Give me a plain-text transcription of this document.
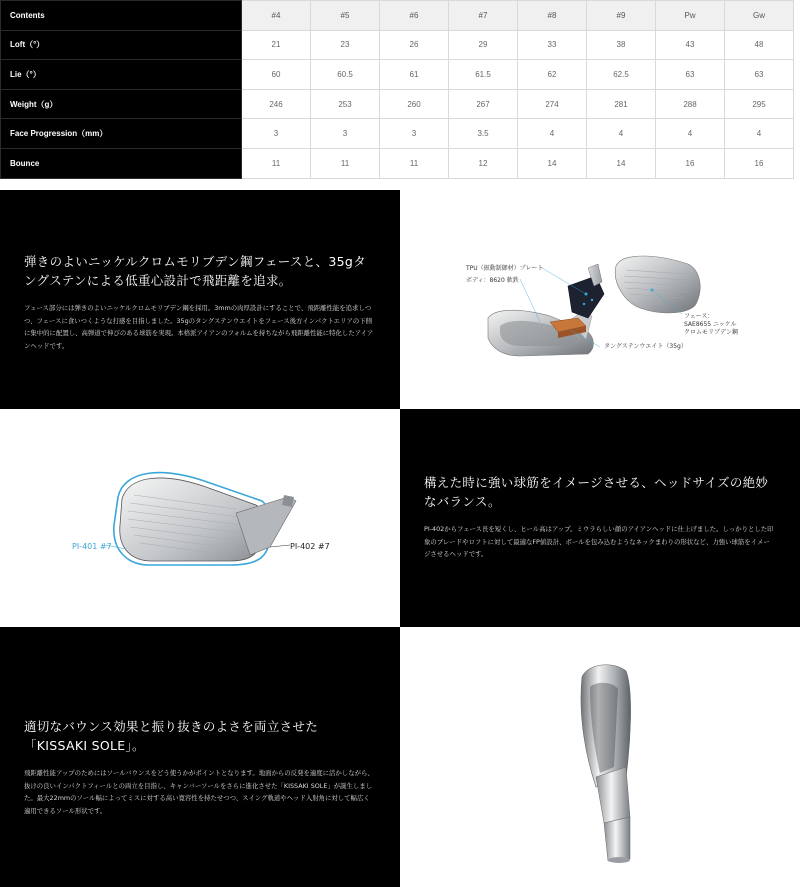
Contents	#4	#5	#6	#7	#8	#9	Pw	Gw
Loft（°）	21	23	26	29	33	38	43	48
Lie（°）	60	60.5	61	61.5	62	62.5	63	63
Weight（g）	246	253	260	267	274	281	288	295
Face Progression（mm）	3	3	3	3.5	4	4	4	4
Bounce	11	11	11	12	14	14	16	16
弾きのよいニッケルクロムモリブデン鋼フェースと、35gタングステンによる低重心設計で飛距離を追求。

フェース部分には弾きのよいニッケルクロムモリブデン鋼を採用。3mmの肉厚設計にすることで、飛距離性能を追求しつつ、フェースに食いつくような打感を目指しました。35gのタングステンウエイトをフェース後方インパクトエリアの下側に集中的に配置し、高弾道で伸びのある球筋を実現。本格派アイアンのフォルムを持ちながら飛距離性能に特化したアイアンヘッドです。

TPU（振動制御材）プレート
ボディ：8620 軟鉄
フェース：
SAE8655 ニッケル
クロムモリブデン鋼
タングステンウエイト（35g）
PI-401 #7	PI-402 #7
構えた時に強い球筋をイメージさせる、ヘッドサイズの絶妙なバランス。

PI-402からフェース長を短くし、ヒール高はアップ。ミウラらしい顔のアイアンヘッドに仕上げました。しっかりとした印象のブレードやロフトに対して最適なFP値設計、ボールを包み込むようなネックまわりの形状など、力強い球筋をイメージさせるヘッドです。

適切なバウンス効果と振り抜きのよさを両立させた「KISSAKI SOLE」。

飛距離性能アップのためにはソールバウンスをどう使うかがポイントとなります。地面からの反発を適度に活かしながら、抜けの良いインパクトフィールとの両立を目指し、キャンバーソールをさらに進化させた「KISSAKI SOLE」が誕生しました。最大22mmのソール幅によってミスに対する高い寛容性を持たせつつ、スイング軌道やヘッド入射角に対して幅広く適用できるソール形状です。
